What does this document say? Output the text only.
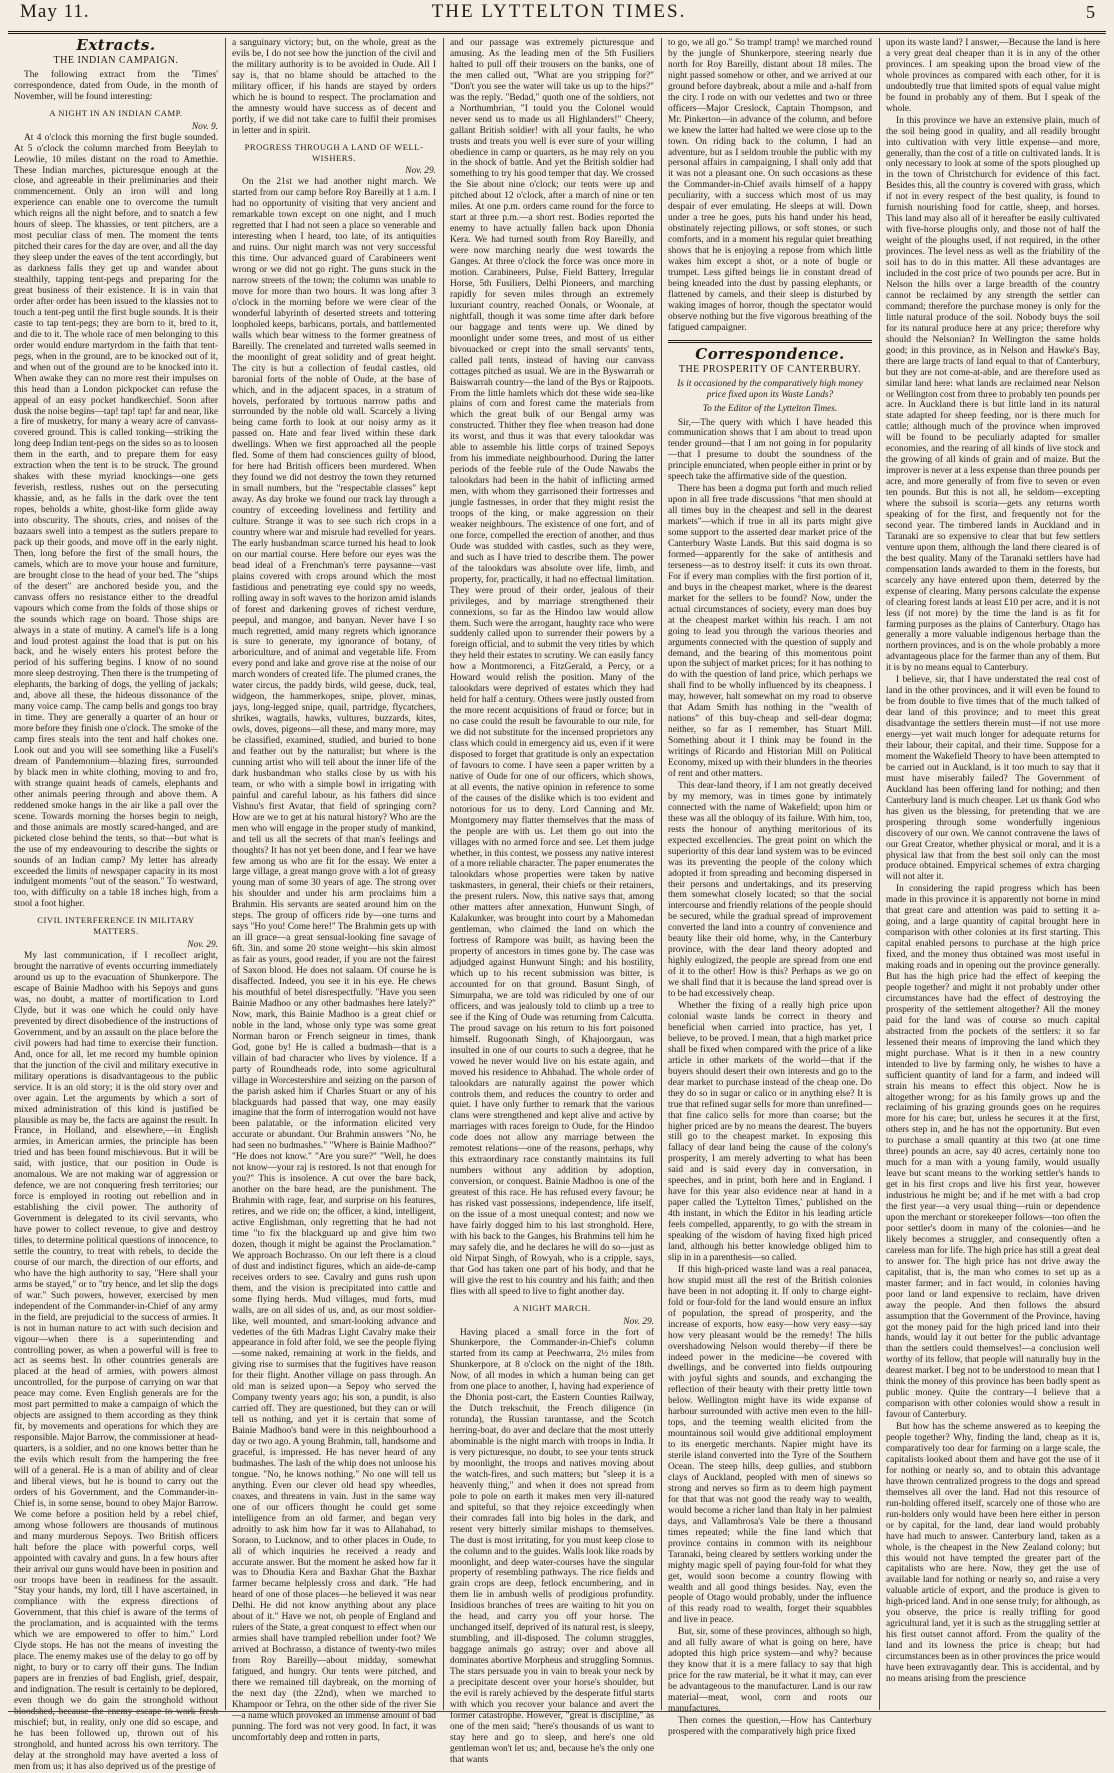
May 11.	THE LYTTELTON TIMES.	5
Extracts.
THE INDIAN CAMPAIGN.

The following extract from the 'Times' correspondence, dated from Oude, in the month of November, will be found interesting:

A NIGHT IN AN INDIAN CAMP.
Nov. 9.

At 4 o'clock this morning the first bugle sounded. At 5 o'clock the column marched from Beeylah to Leowlie, 10 miles distant on the road to Amethie. These Indian marches, picturesque enough at the close, and agreeable in their preliminaries and their commencement. Only an iron will and long experience can enable one to overcome the tumult which reigns all the night before, and to snatch a few hours of sleep. The khassies, or tent pitchers, are a most peculiar class of men. The moment the tents pitched their cares for the day are over, and all the day they sleep under the eaves of the tent accordingly, but as darkness falls they get up and wander about stealthily, tapping tent-pegs and preparing for the great business of their existence. It is in vain that order after order has been issued to the klassies not to touch a tent-peg until the first bugle sounds. It is their caste to tap tent-pegs; they are born to it, bred to it, and die to it. The whole race of men belonging to this order would endure martyrdom in the faith that tent-pegs, when in the ground, are to be knocked out of it, and when out of the ground are to be knocked into it. When awake they can no more rest their impulses on this head than a London pickpocket can refuse the appeal of an easy pocket handkerchief. Soon after dusk the noise begins—tap! tap! tap! far and near, like a fire of musketry, for many a weary acre of canvass-covered ground. This is called tonking—striking the long deep Indian tent-pegs on the sides so as to loosen them in the earth, and to prepare them for easy extraction when the tent is to be struck. The ground shakes with these myriad knockings—one gets feverish, restless, rushes out on the persecuting khassie, and, as he falls in the dark over the tent ropes, beholds a white, ghost-like form glide away into obscurity. The shouts, cries, and noises of the bazaars swell into a tempest as the sutlers prepare to pack up their goods, and move off in the early night. Then, long before the first of the small hours, the camels, which are to move your house and furniture, are brought close to the head of your bed. The "ships of the desert" are anchored beside you, and the canvass offers no resistance either to the dreadful vapours which come from the folds of those ships or the sounds which rage on board. Those ships are always in a state of mutiny. A camel's life is a long and loud protest against the load that is put on his back, and he wisely enters his protest before the period of his suffering begins. I know of no sound more sleep destroying. Then there is the trumpeting of elephants, the barking of dogs, the yelling of jackals; and, above all these, the hideous dissonance of the many voice camp. The camp bells and gongs too bray in time. They are generally a quarter of an hour or more before they finish one o'clock. The smoke of the camp fires steals into the tent and half chokes one. Look out and you will see something like a Fuseli's dream of Pandemonium—blazing fires, surrounded by black men in white clothing, moving to and fro, with strange quaint heads of camels, elephants and other animals peering through and above them. A reddened smoke hangs in the air like a pall over the scene. Towards morning the horses begin to neigh, and those animals are mostly scared-hanged, and are picketed close behind the tents, so that—but what is the use of my endeavouring to describe the sights or sounds of an Indian camp? My letter has already exceeded the limits of newspaper capacity in its most indulgent moments "out of the season." To westward, too, with difficulty on a table 18 inches high, from a stool a foot higher.

CIVIL INTERFERENCE IN MILITARY MATTERS.
Nov. 29.

My last communication, if I recollect aright, brought the narrative of events occurring immediately around us up to the evacuation of Shunkerpore. The escape of Bainie Madhoo with his Sepoys and guns was, no doubt, a matter of mortification to Lord Clyde, but it was one which he could only have prevented by direct disobedience of the instructions of Government, and by an assault on the place before the civil powers had had time to exercise their function. And, once for all, let me record my humble opinion that the junction of the civil and military executive in military operations is disadvantageous to the public service. It is an old story; it is the old story over and over again. Let the arguments by which a sort of mixed administration of this kind is justified be plausible as may be, the facts are against the result. In France, in Holland, and elsewhere,—in English armies, in American armies, the principle has been tried and has been found mischievous. But it will be said, with justice, that our position in Oude is anomalous. We are not making war of aggression or defence, we are not conquering fresh territories; our force is employed in rooting out rebellion and in establishing the civil power. The authority of Government is delegated to its civil servants, who have power to collect revenue, to give and destroy titles, to determine political questions of innocence, to settle the country, to treat with rebels, to decide the course of our march, the direction of our efforts, and who have the high authority to say, "Here shall your arms be stayed," or to "try hence, and let slip the dogs of war." Such powers, however, exercised by men independent of the Commander-in-Chief of any army in the field, are prejudicial to the success of armies. It is not in human nature to act with such decision and vigour—when there is a superintending and controlling power, as when a powerful will is free to act as seems best. In other countries generals are placed at the head of armies, with powers almost uncontrolled, for the purpose of carrying on war that peace may come. Even English generals are for the most part permitted to make a campaign of which the objects are assigned to them according as they think fit, by movements and operations for which they are responsible. Major Barrow, the commissioner at head-quarters, is a soldier, and no one knows better than he the evils which result from the hampering the free will of a general. He is a man of ability and of clear and liberal views, but he is bound to carry out the orders of his Government, and the Commander-in-Chief is, in some sense, bound to obey Major Barrow. We come before a position held by a rebel chief, among whose followers are thousands of mutinous and many murderous Sepoys. Two British officers halt before the place with powerful corps, well appointed with cavalry and guns. In a few hours after their arrival our guns would have been in position and our troops have been in readiness for the assault. "Stay your hands, my lord, till I have ascertained, in compliance with the express directions of Government, that this chief is aware of the terms of the proclamation, and is acquainted with the terms which we are empowered to offer to him." Lord Clyde stops. He has not the means of investing the place. The enemy makes use of the delay to go off by night, to bury or to carry off their guns. The Indian papers are in frenzies of bad English, grief, despair, and indignation. The result is certainly to be deplored, even though we do gain the stronghold without bloodshed, because the enemy escape to work fresh mischief; but, in reality, only one did so escape, and he has been followed up, thrown out of his stronghold, and hunted across his own territory. The delay at the stronghold may have averted a loss of men from us; it has also deprived us of the prestige of

a sanguinary victory; but, on the whole, great as the evils be, I do not see how the junction of the civil and the military authority is to be avoided in Oude. All I say is, that no blame should be attached to the military officer, if his hands are stayed by orders which he is bound to respect. The proclamation and the amnesty would have success as of decent and portly, if we did not take care to fulfil their promises in letter and in spirit.

PROGRESS THROUGH A LAND OF WELL-WISHERS.
Nov. 29.

On the 21st we had another night march. We started from our camp before Roy Bareilly at 1 a.m. I had no opportunity of visiting that very ancient and remarkable town except on one night, and I much regretted that I had not seen a place so venerable and interesting when I heard, too late, of its antiquities and ruins. Our night march was not very successful this time. Our advanced guard of Carabineers went wrong or we did not go right. The guns stuck in the narrow streets of the town; the column was unable to move for more than two hours. It was long after 3 o'clock in the morning before we were clear of the wonderful labyrinth of deserted streets and tottering loopholed keeps, barbicans, portals, and battlemented walls which bear witness to the former greatness of Bareilly. The crenelated and turreted walls seemed in the moonlight of great solidity and of great height. The city is but a collection of feudal castles, old baronial forts of the noble of Oude, at the base of which, and in the adjacent spaces, in a stratum of hovels, perforated by tortuous narrow paths and surrounded by the noble old wall. Scarcely a living being came forth to look at our noisy army as it passed on. Hate and fear lived within these dark dwellings. When we first approached all the people fled. Some of them had consciences guilty of blood, for here had British officers been murdered. When they found we did not destroy the town they returned in small numbers, but the "respectable classes" kept away. As day broke we found our track lay through a country of exceeding loveliness and fertility and culture. Strange it was to see such rich crops in a country where war and misrule had revelled for years. The early husbandman scarce turned his head to look on our martial course. Here before our eyes was the bead ideal of a Frenchman's terre paysanne—vast plains covered with crops around which the most fastidious and penetrating eye could spy no weeds, rolling away in soft waves to the horizon amid islands of forest and darkening groves of richest verdure, peepul, and mangoe, and banyan. Never have I so much regretted, amid many regrets which ignorance is sure to generate, my ignorance of botany, of arboriculture, and of animal and vegetable life. From every pond and lake and grove rise at the noise of our march wonders of created life. The plumed cranes, the water circus, the paddy birds, wild geese, duck, teal, widgeon, the hammerkopes, snipe, plover, minas, jays, long-legged snipe, quail, partridge, flycatchers, shrikes, wagtails, hawks, vultures, buzzards, kites, owls, doves, pigeons—all these, and many more, may be classified, examined, studied, and buried to bone and feather out by the naturalist; but where is the cunning artist who will tell about the inner life of the dark husbandman who stalks close by us with his team, or who with a simple bowl in irrigating with painful and careful labour, as his fathers did since Vishnu's first Avatar, that field of springing corn? How are we to get at his natural history? Who are the men who will engage in the proper study of mankind, and tell us all the secrets of that man's feelings and thoughts? It has not yet been done, and I fear we have few among us who are fit for the essay. We enter a large village, a great mango grove with a lot of greasy young man of some 30 years of age. The strong over his shoulder and under his arm proclaims him a Brahmin. His servants are seated around him on the steps. The group of officers ride by—one turns and says "Ho you! Come here!" The Brahmin gets up with an ill grace—a great sensual-looking fine savage of 6ft. 3in. and some 20 stone weight—his skin almost as fair as yours, good reader, if you are not the fairest of Saxon blood. He does not salaam. Of course he is disaffected. Indeed, you see it in his eye. He chews his mouthful of betel disrespectfully. "Have you seen Bainie Madhoo or any other badmashes here lately?" Now, mark, this Bainie Madhoo is a great chief or noble in the land, whose only type was some great Norman baron or French seigneur in times, thank God, gone by! He is called a budmash—that is a villain of bad character who lives by violence. If a party of Roundheads rode, into some agricultural village in Worcestershire and seizing on the parson of the parish asked him if Charles Stuart or any of his blackguards had passed that way, one may easily imagine that the form of interrogation would not have been palatable, or the information elicited very accurate or abundant. Our Brahmin answers "No, he had seen no budmashes." "Where is Bainie Madhoo?" "He does not know." "Are you sure?" "Well, he does not know—your raj is restored. Is not that enough for you?" This is insolence. A cut over the bare back, another on the bare head, are the punishment. The Brahmin with rage, fear, and surprise on his features, retires, and we ride on; the officer, a kind, intelligent, active Englishman, only regretting that he had not time "to fix the blackguard up and give him two dozen, though it might be against the Proclamation." We approach Bochrasso. On our left there is a cloud of dust and indistinct figures, which an aide-de-camp receives orders to see. Cavalry and guns rush upon them, and the vision is precipitated into cattle and some flying herds. Mud villages, mud forts, mud walls, are on all sides of us, and, as our most soldier-like, well mounted, and smart-looking advance and vedettes of the 6th Madras Light Cavalry make their appearance in fold after fold, we see the people flying—some naked, remaining at work in the fields, and giving rise to surmises that the fugitives have reason for their flight. Another village on pass through. An old man is seized upon—a Sepoy who served the Company twenty years ago; his son, a pundit, is also carried off. They are questioned, but they can or will tell us nothing, and yet it is certain that some of Bainie Madhoo's band were in this neighbourhood a day or two ago. A young Brahmin, tall, handsome and graceful, is impressed. He has never heard of any budmashes. The lash of the whip does not unloose his tongue. "No, he knows nothing." No one will tell us anything. Even our clever old head spy wheedles, coaxes, and threatens in vain. Just in the same way one of our officers thought he could get some intelligence from an old farmer, and began very adroitly to ask him how far it was to Allahabad, to Soraon, to Lucknow, and to other places in Oude, to all of which inquiries he received a ready and accurate answer. But the moment he asked how far it was to Dhoudia Kera and Baxhar Ghat the Baxhar farmer became helplessly cross and dark. "He had heard of one of those places—he believed it was near Delhi. He did not know anything about any place about of it." Have we not, oh people of England and rulers of the State, a great conquest to effect when our armies shall have trampled rebellion under foot? We arrived at Bochrasso, a distance of twenty-two miles from Roy Bareilly—about midday, somewhat fatigued, and hungry. Our tents were pitched, and there we remained till daybreak, on the morning of the next day (the 22nd), when we marched to Khampoor or Tehra, on the other side of the river Sie—a name which provoked an immense amount of bad punning. The ford was not very good. In fact, it was uncomfortably deep and rotten in parts,

and our passage was extremely picturesque and amusing. As the leading men of the 5th Fusiliers halted to pull off their trousers on the banks, one of the men called out, "What are you stripping for?" "Don't you see the water will take us up to the hips?" was the reply. "Bedad," quoth one of the soldiers, not a Northumbrian, "I tould you the Colonel would never send us to made us all Highlanders!" Cheery, gallant British soldier! with all your faults, he who trusts and treats you well is ever sure of your willing obedience in camp or quarters, as he may rely on you in the shock of battle. And yet the British soldier had something to try his good temper that day. We crossed the Sie about nine o'clock; our tents were up and pitched about 12 o'clock, after a march of nine or ten miles. At one p.m. orders came round for the force to start at three p.m.—a short rest. Bodies reported the enemy to have actually fallen back upon Dhonia Kera. We had turned south from Roy Bareilly, and were now marching nearly due west towards the Ganges. At three o'clock the force was once more in motion. Carabineers, Pulse, Field Battery, Irregular Horse, 5th Fusiliers, Delhi Pioneers, and marching rapidly for seven miles through an extremely luxuriant country, reached Oonals, or Woonale, at nightfall, though it was some time after dark before our baggage and tents were up. We dined by moonlight under some trees, and most of us either bivouacked or crept into the small servants' tents, called pall tents, instead of having our canvass cottages pitched as usual. We are in the Byswarrah or Baiswarrah country—the land of the Bys or Rajpoots. From the little hamlets which dot these wide sea-like plains of corn and forest came the materials from which the great bulk of our Bengal army was constructed. Thither they flee when treason had done its worst, and thus it was that every talookdar was able to assemble his little corps of trained Sepoys from his immediate neighbourhood. During the latter periods of the feeble rule of the Oude Nawabs the talookdars had been in the habit of inflicting armed men, with whom they garrisoned their fortresses and jungle fastnesses, in order that they might resist the troops of the king, or make aggression on their weaker neighbours. The existence of one fort, and of one force, compelled the erection of another, and thus Oude was studded with castles, such as they were, and such as I have tried to describe them. The power of the talookdars was absolute over life, limb, and property, for, practically, it had no effectual limitation. They were proud of their order, jealous of their privileges, and by marriage strengthened their connexions, so far as the Hindoo law would allow them. Such were the arrogant, haughty race who were suddenly called upon to surrender their powers by a foreign official, and to submit the very titles by which they held their estates to scrutiny. We can easily fancy how a Montmorenci, a FitzGerald, a Percy, or a Howard would relish the position. Many of the talookdars were deprived of estates which they had held for half a century. Others were justly ousted from the more recent acquisitions of fraud or force; but in no case could the result be favourable to our rule, for we did not substitute for the incensed proprietors any class which could in emergency aid us, even if it were disposed to forget that gratitude is only an expectation of favours to come. I have seen a paper written by a native of Oude for one of our officers, which shows, at all events, the native opinion in reference to some of the causes of the dislike which is too evident and notorious for us to deny. Lord Canning and Mr. Montgomery may flatter themselves that the mass of the people are with us. Let them go out into the villages with no armed force and see. Let them judge whether, in this contest, we possess any native interest of a more reliable character. The paper enumerates the talookdars whose properties were taken by native taskmasters, in general, their chiefs or their retainers, the present rulers. Now, this native says that, among other matters after annexation, Hunwunt Singh, of Kalakunker, was brought into court by a Mahomedan gentleman, who claimed the land on which the fortress of Rampore was built, as having been the property of ancestors in times gone by. The case was adjudged against Hunwunt Singh; and his hostility, which up to his recent submission was bitter, is accounted for on that ground. Basunt Singh, of Simurpaha, we are told was ridiculed by one of our officers, and was jealously told to climb up a tree to see if the King of Oude was returning from Calcutta. The proud savage on his return to his fort poisoned himself. Rugoonath Singh, of Khajoorgaun, was insulted in one of our courts to such a degree, that he vowed he never would live on his estate again, and moved his residence to Ahbahad. The whole order of talookdars are naturally against the power which controls them, and reduces the country to order and quiet. I have only further to remark that the various clans were strengthened and kept alive and active by marriages with races foreign to Oude, for the Hindoo code does not allow any marriage between the remotest relations—one of the reasons, perhaps, why this extraordinary race constantly maintains its full numbers without any addition by adoption, conversion, or conquest. Bainie Madhoo is one of the greatest of this race. He has refused every favour; he has risked vast possessions, independence, life itself, on the issue of a most unequal contest; and now we have fairly dogged him to his last stronghold. Here, with his back to the Ganges, his Brahmins tell him he may safely die, and he declares he will do so—just as old Nirpat Singh, of Rowyah, who is a cripple, says, that God has taken one part of his body, and that he will give the rest to his country and his faith; and then flies with all speed to live to fight another day.

A NIGHT MARCH.
Nov. 29.

Having placed a small force in the fort of Shunkerpore, the Commander-in-Chief's column started from its camp at Peechwarra, 2½ miles from Shunkerpore, at 8 o'clock on the night of the 18th. Now, of all modes in which a human being can get from one place to another, I, having had experience of the Dhonia post-cart, the Eastern Counties Railway, the Dutch trekschuit, the French diligence (in rotunda), the Russian tarantasse, and the Scotch herring-boat, do aver and declare that the most utterly abominable is the night march with troops in India. It is very picturesque, no doubt, to see your tents struck by moonlight, the troops and natives moving about the watch-fires, and such matters; but "sleep it is a heavenly thing," and when it does not spread from pole to pole on earth it makes men very ill-natured and spiteful, so that they rejoice exceedingly when their comrades fall into big holes in the dark, and resent very bitterly similar mishaps to themselves. The dust is most irritating, for you must keep close to the column and to the guides. Walls look like roads by moonlight, and deep water-courses have the singular property of resembling pathways. The rice fields and grain crops are deep, fetlock encumbering, and in them lie in ambush wells of prodigious profundity. Insidious branches of trees are waiting to hit you on the head, and carry you off your horse. The unchanged itself, deprived of its natural rest, is sleepy, stumbling, and ill-disposed. The column straggles, baggage animals go astray; over and above all dominates abortive Morpheus and struggling Somnus. The stars persuade you in vain to break your neck by a precipitate descent over your horse's shoulder, but the evil is rarely achieved by the desperate fitful starts with which you recover your balance and avert the former catastrophe. However, "great is discipline," as one of the men said; "here's thousands of us want to stay here and go to sleep, and here's one old gentleman won't let us; and, because he's the only one that wants

to go, we all go." So tramp! tramp! we marched round by the jungle of Shunkerpore, steering nearly due north for Roy Bareilly, distant about 18 miles. The night passed somehow or other, and we arrived at our ground before daybreak, about a mile and a-half from the city. I rode on with our vedettes and two or three officers—Major Creslock, Captain Thompson, and Mr. Pinkerton—in advance of the column, and before we knew the latter had halted we were close up to the town. On riding back to the column, I had an adventure, but as I seldom trouble the public with my personal affairs in campaigning, I shall only add that it was not a pleasant one. On such occasions as these the Commander-in-Chief avails himself of a happy peculiarity, with a success which most of us may despair of ever emulating. He sleeps at will. Down under a tree he goes, puts his hand under his head, obstinately rejecting pillows, or soft stones, or such comforts, and in a moment his regular quiet breathing shows that he is enjoying a repose from which little wakes him except a shot, or a note of bugle or trumpet. Less gifted beings lie in constant dread of being kneaded into the dust by passing elephants, or flattened by camels, and their sleep is disturbed by waking images of horror, though the spectator would observe nothing but the five vigorous breathing of the fatigued campaigner.

Correspondence.
THE PROSPERITY OF CANTERBURY.
Is it occasioned by the comparatively high money price fixed upon its Waste Lands?
To the Editor of the Lyttelton Times.

Sir,—The query with which I have headed this communication shows that I am about to tread upon tender ground—that I am not going in for popularity—that I presume to doubt the soundness of the principle enunciated, when people either in print or by speech take the affirmative side of the question.

There has been a dogma put forth and much relied upon in all free trade discussions "that men should at all times buy in the cheapest and sell in the dearest markets"—which if true in all its parts might give some support to the asserted dear market price of the Canterbury Waste Lands. But this said dogma is so formed—apparently for the sake of antithesis and terseness—as to destroy itself: it cuts its own throat. For if every man complies with the first portion of it, and buys in the cheapest market, where is the dearest market for the sellers to be found? Now, under the actual circumstances of society, every man does buy at the cheapest market within his reach. I am not going to lead you through the various theories and arguments connected with the question of supply and demand, and the bearing of this momentous point upon the subject of market prices; for it has nothing to do with the question of land price, which perhaps we shall find to be wholly influenced by its cheapness. I may, however, halt somewhat on my road to observe that Adam Smith has nothing in the "wealth of nations" of this buy-cheap and sell-dear dogma; neither, so far as I remember, has Stuart Mill. Something about it I think may be found in the writings of Ricardo and Historian Mill on Political Economy, mixed up with their blunders in the theories of rent and other matters.

This dear-land theory, if I am not greatly deceived by my memory, was in times gone by intimately connected with the name of Wakefield; upon him or these was all the obloquy of its failure. With him, too, rests the honour of anything meritorious of its expected excellencies. The great point on which the superiority of this dear land system was to be evinced was its preventing the people of the colony which adopted it from spreading and becoming dispersed in their persons and undertakings, and its preserving them somewhat closely located; so that the social intercourse and friendly relations of the people should be secured, while the gradual spread of improvement converted the land into a country of convenience and beauty like their old home, why, in the Canterbury province, with the dear land theory adopted and highly eulogized, the people are spread from one end of it to the other! How is this? Perhaps as we go on we shall find that it is because the land spread over is to be had excessively cheap.

Whether the fixing of a really high price upon colonial waste lands be correct in theory and beneficial when carried into practice, has yet, I believe, to be proved. I mean, that a high market price shall be fixed when compared with the price of a like article in other markets of the world—that if the buyers should desert their own interests and go to the dear market to purchase instead of the cheap one. Do they do so in sugar or calico or in anything else? It is true that refined sugar sells for more than unrefined—that fine calico sells for more than coarse; but the higher priced are by no means the dearest. The buyers still go to the cheapest market. In exposing this fallacy of dear land being the cause of the colony's prosperity, I am merely adverting to what has been said and is said every day in conversation, in speeches, and in print, both here and in England. I have for this year also evidence near at hand in a paper called the 'Lyttelton Times,' published on the 4th instant, in which the Editor in his leading article feels compelled, apparently, to go with the stream in speaking of the wisdom of having fixed high priced land, although his better knowledge obliged him to slip in in a parenthesis—so called.

If this high-priced waste land was a real panacea, how stupid must all the rest of the British colonies have been in not adopting it. If only to charge eight-fold or four-fold for the land would ensure an influx of population, the spread of prosperity, and the increase of exports, how easy—how very easy—say how very pleasant would be the remedy! The hills overshadowing Nelson would thereby—if there be indeed power in the medicine—be covered with dwellings, and be converted into fields outpouring with joyful sights and sounds, and exchanging the reflection of their beauty with their pretty little town below. Wellington might have its wide expanse of harbour surrounded with active men even to the hill-tops, and the teeming wealth elicited from the mountainous soil would give additional employment to its energetic merchants. Napier might have its sterile island converted into the Tyre of the Southern Ocean. The steep hills, deep gullies, and stubborn clays of Auckland, peopled with men of sinews so strong and nerves so firm as to deem high payment for that that was not good the ready way to wealth, would become a richer land than Italy in her palmiest days, and Vallambrosa's Vale be there a thousand times repeated; while the fine land which that province contains in common with its neighbour Taranaki, being cleared by settlers working under the mighty magic spell of paying four-fold for what they get, would soon become a country flowing with wealth and all good things besides. Nay, even the people of Otago would probably, under the influence of this ready road to wealth, forget their squabbles and live in peace.

But, sir, some of these provinces, although so high, and all fully aware of what is going on here, have adopted this high price system—and why? because they know that it is a mere fallacy to say that high price for the raw material, be it what it may, can ever be advantageous to the manufacturer. Land is our raw material—meat, wool, corn and roots our manufactures.

Then comes the question,—How has Canterbury prospered with the comparatively high price fixed

upon its waste land? I answer,—Because the land is here a very great deal cheaper than it is in any of the other provinces. I am speaking upon the broad view of the whole provinces as compared with each other, for it is undoubtedly true that limited spots of equal value might be found in probably any of them. But I speak of the whole.

In this province we have an extensive plain, much of the soil being good in quality, and all readily brought into cultivation with very little expense—and more, generally, than the cost of a title on cultivated lands. It is only necessary to look at some of the spots ploughed up in the town of Christchurch for evidence of this fact. Besides this, all the country is covered with grass, which if not in every respect of the best quality, is found to furnish nourishing food for cattle, sheep, and horses. This land may also all of it hereafter be easily cultivated with five-horse ploughs only, and those not of half the weight of the ploughs used, if not required, in the other provinces. The level ness as well as the friability of the soil has to do in this matter. All these advantages are included in the cost price of two pounds per acre. But in Nelson the hills over a large breadth of the country cannot be reclaimed by any strength the settler can command; therefore the purchase money is only for the little natural produce of the soil. Nobody buys the soil for its natural produce here at any price; therefore why should the Nelsonian? In Wellington the same holds good; in this province, as in Nelson and Hawke's Bay, there are large tracts of land equal to that of Canterbury, but they are not come-at-able, and are therefore used as similar land here: what lands are reclaimed near Nelson or Wellington cost from three to probably ten pounds per acre. In Auckland there is but little land in its natural state adapted for sheep feeding, nor is there much for cattle; although much of the province when improved will be found to be peculiarly adapted for smaller economies, and the rearing of all kinds of live stock and the growing of all kinds of grain and of maize. But the improver is never at a less expense than three pounds per acre, and more generally of from five to seven or even ten pounds. But this is not all, he seldom—excepting where the subsoil is scoria—gets any returns worth speaking of for the first, and frequently not for the second year. The timbered lands in Auckland and in Taranaki are so expensive to clear that but few settlers venture upon them, although the land there cleared is of the best quality. Many of the Taranaki settlers have had compensation lands awarded to them in the forests, but scarcely any have entered upon them, deterred by the expense of clearing. Many persons calculate the expense of clearing forest lands at least £10 per acre, and it is not less (if not more) by the time the land is as fit for farming purposes as the plains of Canterbury. Otago has generally a more valuable indigenous herbage than the northern provinces, and is on the whole probably a more advantageous place for the farmer than any of them. But it is by no means equal to Canterbury.

I believe, sir, that I have understated the real cost of land in the other provinces, and it will even be found to be from double to five times that of the much talked of dear land of this province; and to meet this great disadvantage the settlers therein must—if not use more energy—yet wait much longer for adequate returns for their labour, their capital, and their time. Suppose for a moment the Wakefield Theory to have been attempted to be carried out in Auckland, is it too much to say that it must have miserably failed? The Government of Auckland has been offering land for nothing; and then Canterbury land is much cheaper. Let us thank God who has given us the blessing, for pretending that we are prospering through some wonderfully ingenious discovery of our own. We cannot contravene the laws of our Great Creator, whether physical or moral, and it is a physical law that from the best soil only can the most produce obtained. Empyrical schemes of extra charging will not alter it.

In considering the rapid progress which has been made in this province it is apparently not borne in mind that great care and attention was paid to setting it a-going, and a large quantity of capital brought here in comparison with other colonies at its first starting. This capital enabled persons to purchase at the high price fixed, and the money thus obtained was most useful in making roads and in opening out the province generally. But has the high price had the effect of keeping the people together? and might it not probably under other circumstances have had the effect of destroying the prosperity of the settlement altogether? All the money paid for the land was of course so much capital abstracted from the pockets of the settlers: it so far lessened their means of improving the land which they might purchase. What is it then in a new country intended to live by farming only, he wishes to have a sufficient quantity of land for a farm, and indeed will strain his means to effect this object. Now he is altogether wrong; for as his family grows up and the reclaiming of his grazing grounds goes on he requires more for his care; but, unless he secures it at the first, others step in, and he has not the opportunity. But even to purchase a small quantity at this two (at one time three) pounds an acre, say 40 acres, certainly none too much for a man with a young family, would usually leave but scant means to the working settler's hands to get in his first crops and live his first year, however industrious he might be; and if he met with a bad crop the first year—a very usual thing—ruin or dependence upon the merchant or storekeeper follows—too often the poor settler's doom in many of the colonies—and he likely becomes a struggler, and consequently often a careless man for life. The high price has still a great deal to answer for. The high price has not drive away the capitalist, that is, the man who comes to set up as a master farmer; and in fact would, in colonies having poor land or land expensive to reclaim, have driven away the people. And then follows the absurd assumption that the Government of the Province, having got the money paid for the high priced land into their hands, would lay it out better for the public advantage than the settlers could themselves!—a conclusion well worthy of its fellow, that people will naturally buy in the dearest market. I beg not to be understood to mean that I think the money of this province has been badly spent as public money. Quite the contrary—I believe that a comparison with other colonies would show a result in favour of Canterbury.

But how has the scheme answered as to keeping the people together? Why, finding the land, cheap as it is, comparatively too dear for farming on a large scale, the capitalists looked about them and have got the use of it for nothing or nearly so, and to obtain this advantage have thrown centralized progress to the dogs and spread themselves all over the land. Had not this resource of run-holding offered itself, scarcely one of those who are run-holders only would have been here either in person or by capital, for the land, dear land would probably have had much to answer. Canterbury land, taken as a whole, is the cheapest in the New Zealand colony; but this would not have tempted the greater part of the capitalists who are here. Now, they get the use of available land for nothing or nearly so, and raise a very valuable article of export, and the produce is given to high-priced land. And in one sense truly; for although, as you observe, the price is really trifling for good agricultural land, yet it is such as the struggling settler at his first outset cannot afford. From the quality of the land and its lowness the price is cheap; but had circumstances been as in other provinces the price would have been extravagantly dear. This is accidental, and by no means arising from the prescience
